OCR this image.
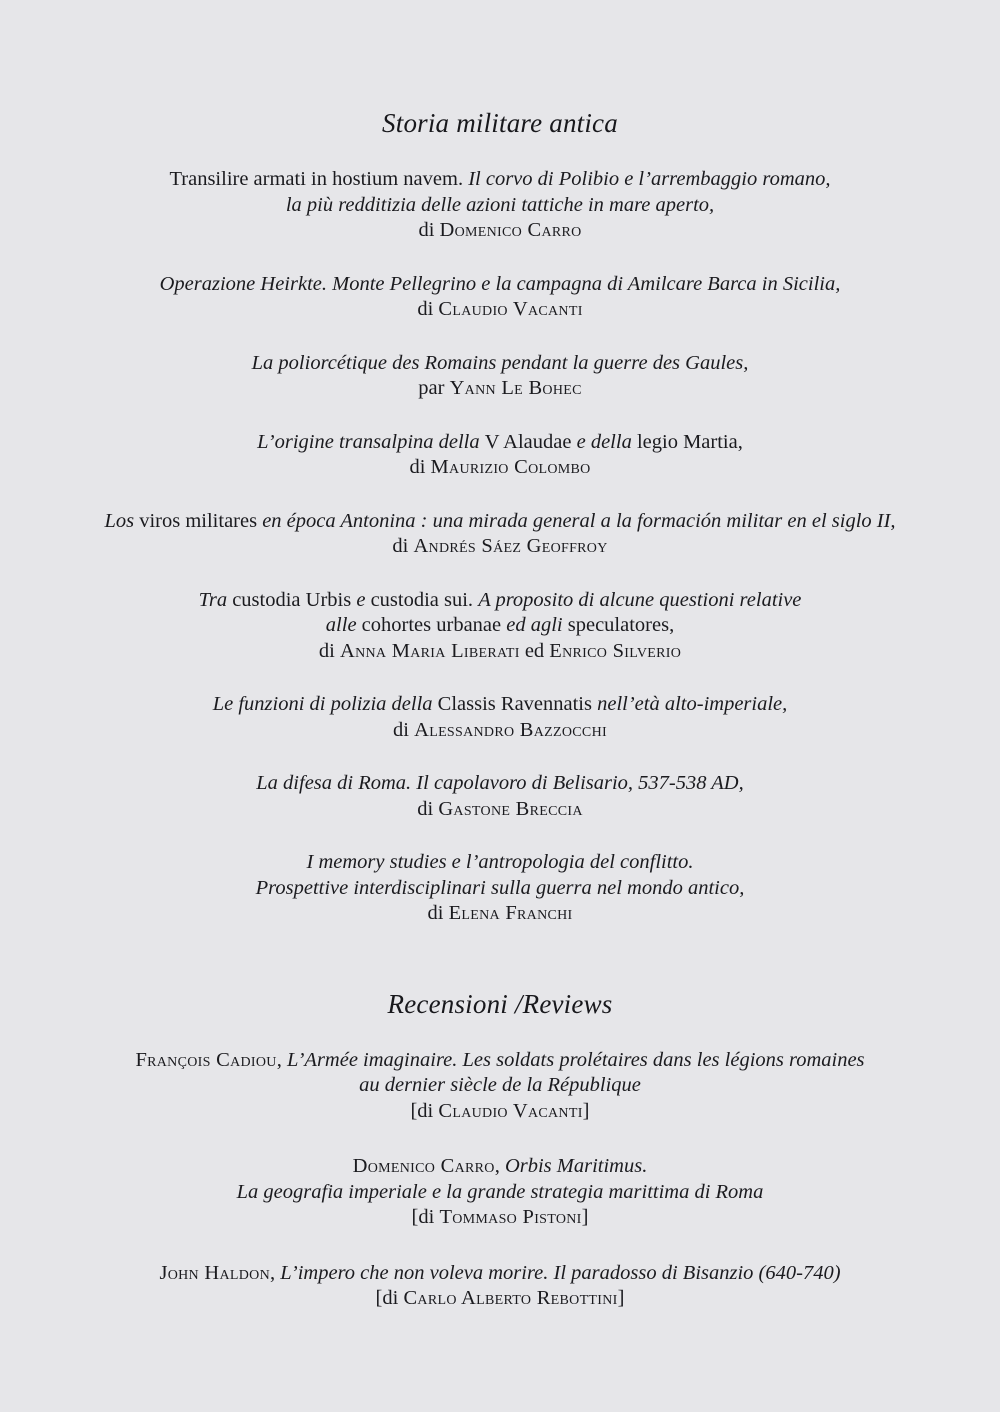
Storia militare antica
Transilire armati in hostium navem. Il corvo di Polibio e l’arrembaggio romano,
la più redditizia delle azioni tattiche in mare aperto,
di Domenico Carro
Operazione Heirkte. Monte Pellegrino e la campagna di Amilcare Barca in Sicilia,
di Claudio Vacanti
La poliorcétique des Romains pendant la guerre des Gaules,
par Yann Le Bohec
L’origine transalpina della V Alaudae e della legio Martia,
di Maurizio Colombo
Los viros militares en época Antonina : una mirada general a la formación militar en el siglo II,
di Andrés Sáez Geoffroy
Tra custodia Urbis e custodia sui. A proposito di alcune questioni relative
alle cohortes urbanae ed agli speculatores,
di Anna Maria Liberati ed Enrico Silverio
Le funzioni di polizia della Classis Ravennatis nell’età alto-imperiale,
di Alessandro Bazzocchi
La difesa di Roma. Il capolavoro di Belisario, 537-538 AD,
di Gastone Breccia
I memory studies e l’antropologia del conflitto.
Prospettive interdisciplinari sulla guerra nel mondo antico,
di Elena Franchi
Recensioni /Reviews
François Cadiou, L’Armée imaginaire. Les soldats prolétaires dans les légions romaines
au dernier siècle de la République
[di Claudio Vacanti]
Domenico Carro, Orbis Maritimus.
La geografia imperiale e la grande strategia marittima di Roma
[di Tommaso Pistoni]
John Haldon, L’impero che non voleva morire. Il paradosso di Bisanzio (640-740)
[di Carlo Alberto Rebottini]
